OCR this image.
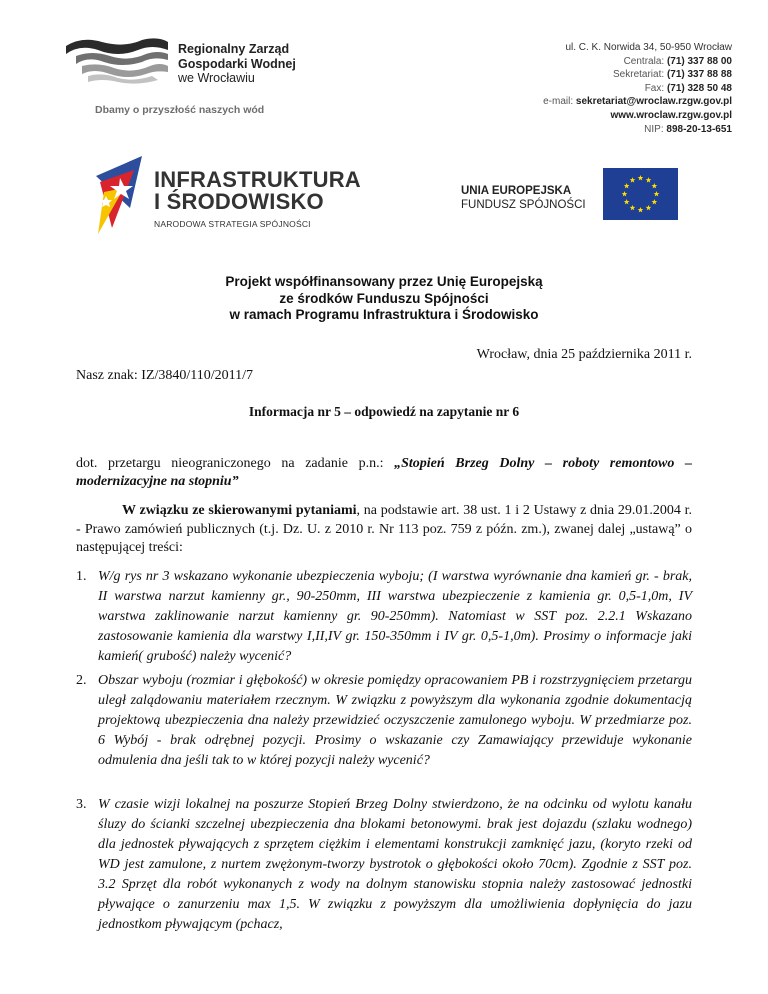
Regionalny Zarząd
Gospodarki Wodnej
we Wrocławiu
Dbamy o przyszłość naszych wód
ul. C. K. Norwida 34, 50-950 Wrocław
Centrala: (71) 337 88 00
Sekretariat: (71) 337 88 88
Fax: (71) 328 50 48
e-mail: sekretariat@wroclaw.rzgw.gov.pl
www.wroclaw.rzgw.gov.pl
NIP: 898-20-13-651
INFRASTRUKTURA
I ŚRODOWISKO
NARODOWA STRATEGIA SPÓJNOŚCI
UNIA EUROPEJSKA
FUNDUSZ SPÓJNOŚCI
Projekt współfinansowany przez Unię Europejską
ze środków Funduszu Spójności
w ramach Programu Infrastruktura i Środowisko
Wrocław, dnia 25 października 2011 r.
Nasz znak: IZ/3840/110/2011/7
Informacja nr 5 – odpowiedź na zapytanie nr 6
dot. przetargu nieograniczonego na zadanie p.n.: „Stopień Brzeg Dolny – roboty remontowo – modernizacyjne na stopniu”
W związku ze skierowanymi pytaniami, na podstawie art. 38 ust. 1 i 2 Ustawy z dnia 29.01.2004 r. - Prawo zamówień publicznych (t.j. Dz. U. z 2010 r. Nr 113 poz. 759 z późn. zm.), zwanej dalej „ustawą” o następującej treści:
1. W/g rys nr 3 wskazano wykonanie ubezpieczenia wyboju; (I warstwa wyrównanie dna kamień gr. - brak, II warstwa narzut kamienny gr., 90-250mm, III warstwa ubezpieczenie z kamienia gr. 0,5-1,0m, IV warstwa zaklinowanie narzut kamienny gr. 90-250mm). Natomiast w SST poz. 2.2.1 Wskazano zastosowanie kamienia dla warstwy I,II,IV gr. 150-350mm i IV gr. 0,5-1,0m). Prosimy o informacje jaki kamień( grubość) należy wycenić?
2. Obszar wyboju (rozmiar i głębokość) w okresie pomiędzy opracowaniem PB i rozstrzygnięciem przetargu uległ zalądowaniu materiałem rzecznym. W związku z powyższym dla wykonania zgodnie dokumentacją projektową ubezpieczenia dna należy przewidzieć oczyszczenie zamulonego wyboju. W przedmiarze poz. 6 Wybój - brak odrębnej pozycji. Prosimy o wskazanie czy Zamawiający przewiduje wykonanie odmulenia dna jeśli tak to w której pozycji należy wycenić?
3. W czasie wizji lokalnej na poszurze Stopień Brzeg Dolny stwierdzono, że na odcinku od wylotu kanału śluzy do ścianki szczelnej ubezpieczenia dna blokami betonowymi. brak jest dojazdu (szlaku wodnego) dla jednostek pływających z sprzętem ciężkim i elementami konstrukcji zamknięć jazu, (koryto rzeki od WD jest zamulone, z nurtem zwężonym-tworzy bystrotok o głębokości około 70cm). Zgodnie z SST poz. 3.2 Sprzęt dla robót wykonanych z wody na dolnym stanowisku stopnia należy zastosować jednostki pływające o zanurzeniu max 1,5. W związku z powyższym dla umożliwienia dopłynięcia do jazu jednostkom pływającym (pchacz,
